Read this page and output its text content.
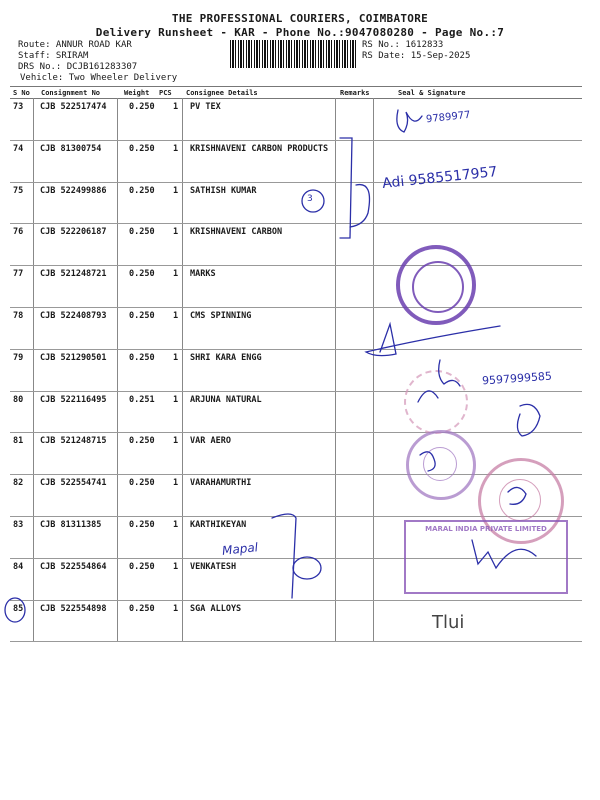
THE PROFESSIONAL COURIERS, COIMBATORE
Delivery Runsheet - KAR - Phone No.:9047080280 - Page No.:7
Route: ANNUR ROAD KAR
Staff: SRIRAM
DRS No.: DCJB161283307
Vehicle: Two Wheeler Delivery
RS No.: 1612833
RS Date: 15-Sep-2025
S No Consignment No	Weight PCS Consignee Details	Remarks	Seal & Signature
73 CJB 522517474	0.250 1 PV TEX
74 CJB 81300754	0.250 1 KRISHNAVENI CARBON PRODUCTS
75 CJB 522499886	0.250 1 SATHISH KUMAR
76 CJB 522206187	0.250 1 KRISHNAVENI CARBON
77 CJB 521248721	0.250 1 MARKS
78 CJB 522408793	0.250 1 CMS SPINNING
79 CJB 521290501	0.250 1 SHRI KARA ENGG
80 CJB 522116495	0.251 1 ARJUNA NATURAL
81 CJB 521248715	0.250 1 VAR AERO
82 CJB 522554741	0.250 1 VARAHAMURTHI
83 CJB 81311385	0.250 1 KARTHIKEYAN
84 CJB 522554864	0.250 1 VENKATESH
85 CJB 522554898	0.250 1 SGA ALLOYS
MARAL INDIA PRIVATE LIMITED
9789977
Adi 9585517957
3
9597999585
Mapal
Tlui
